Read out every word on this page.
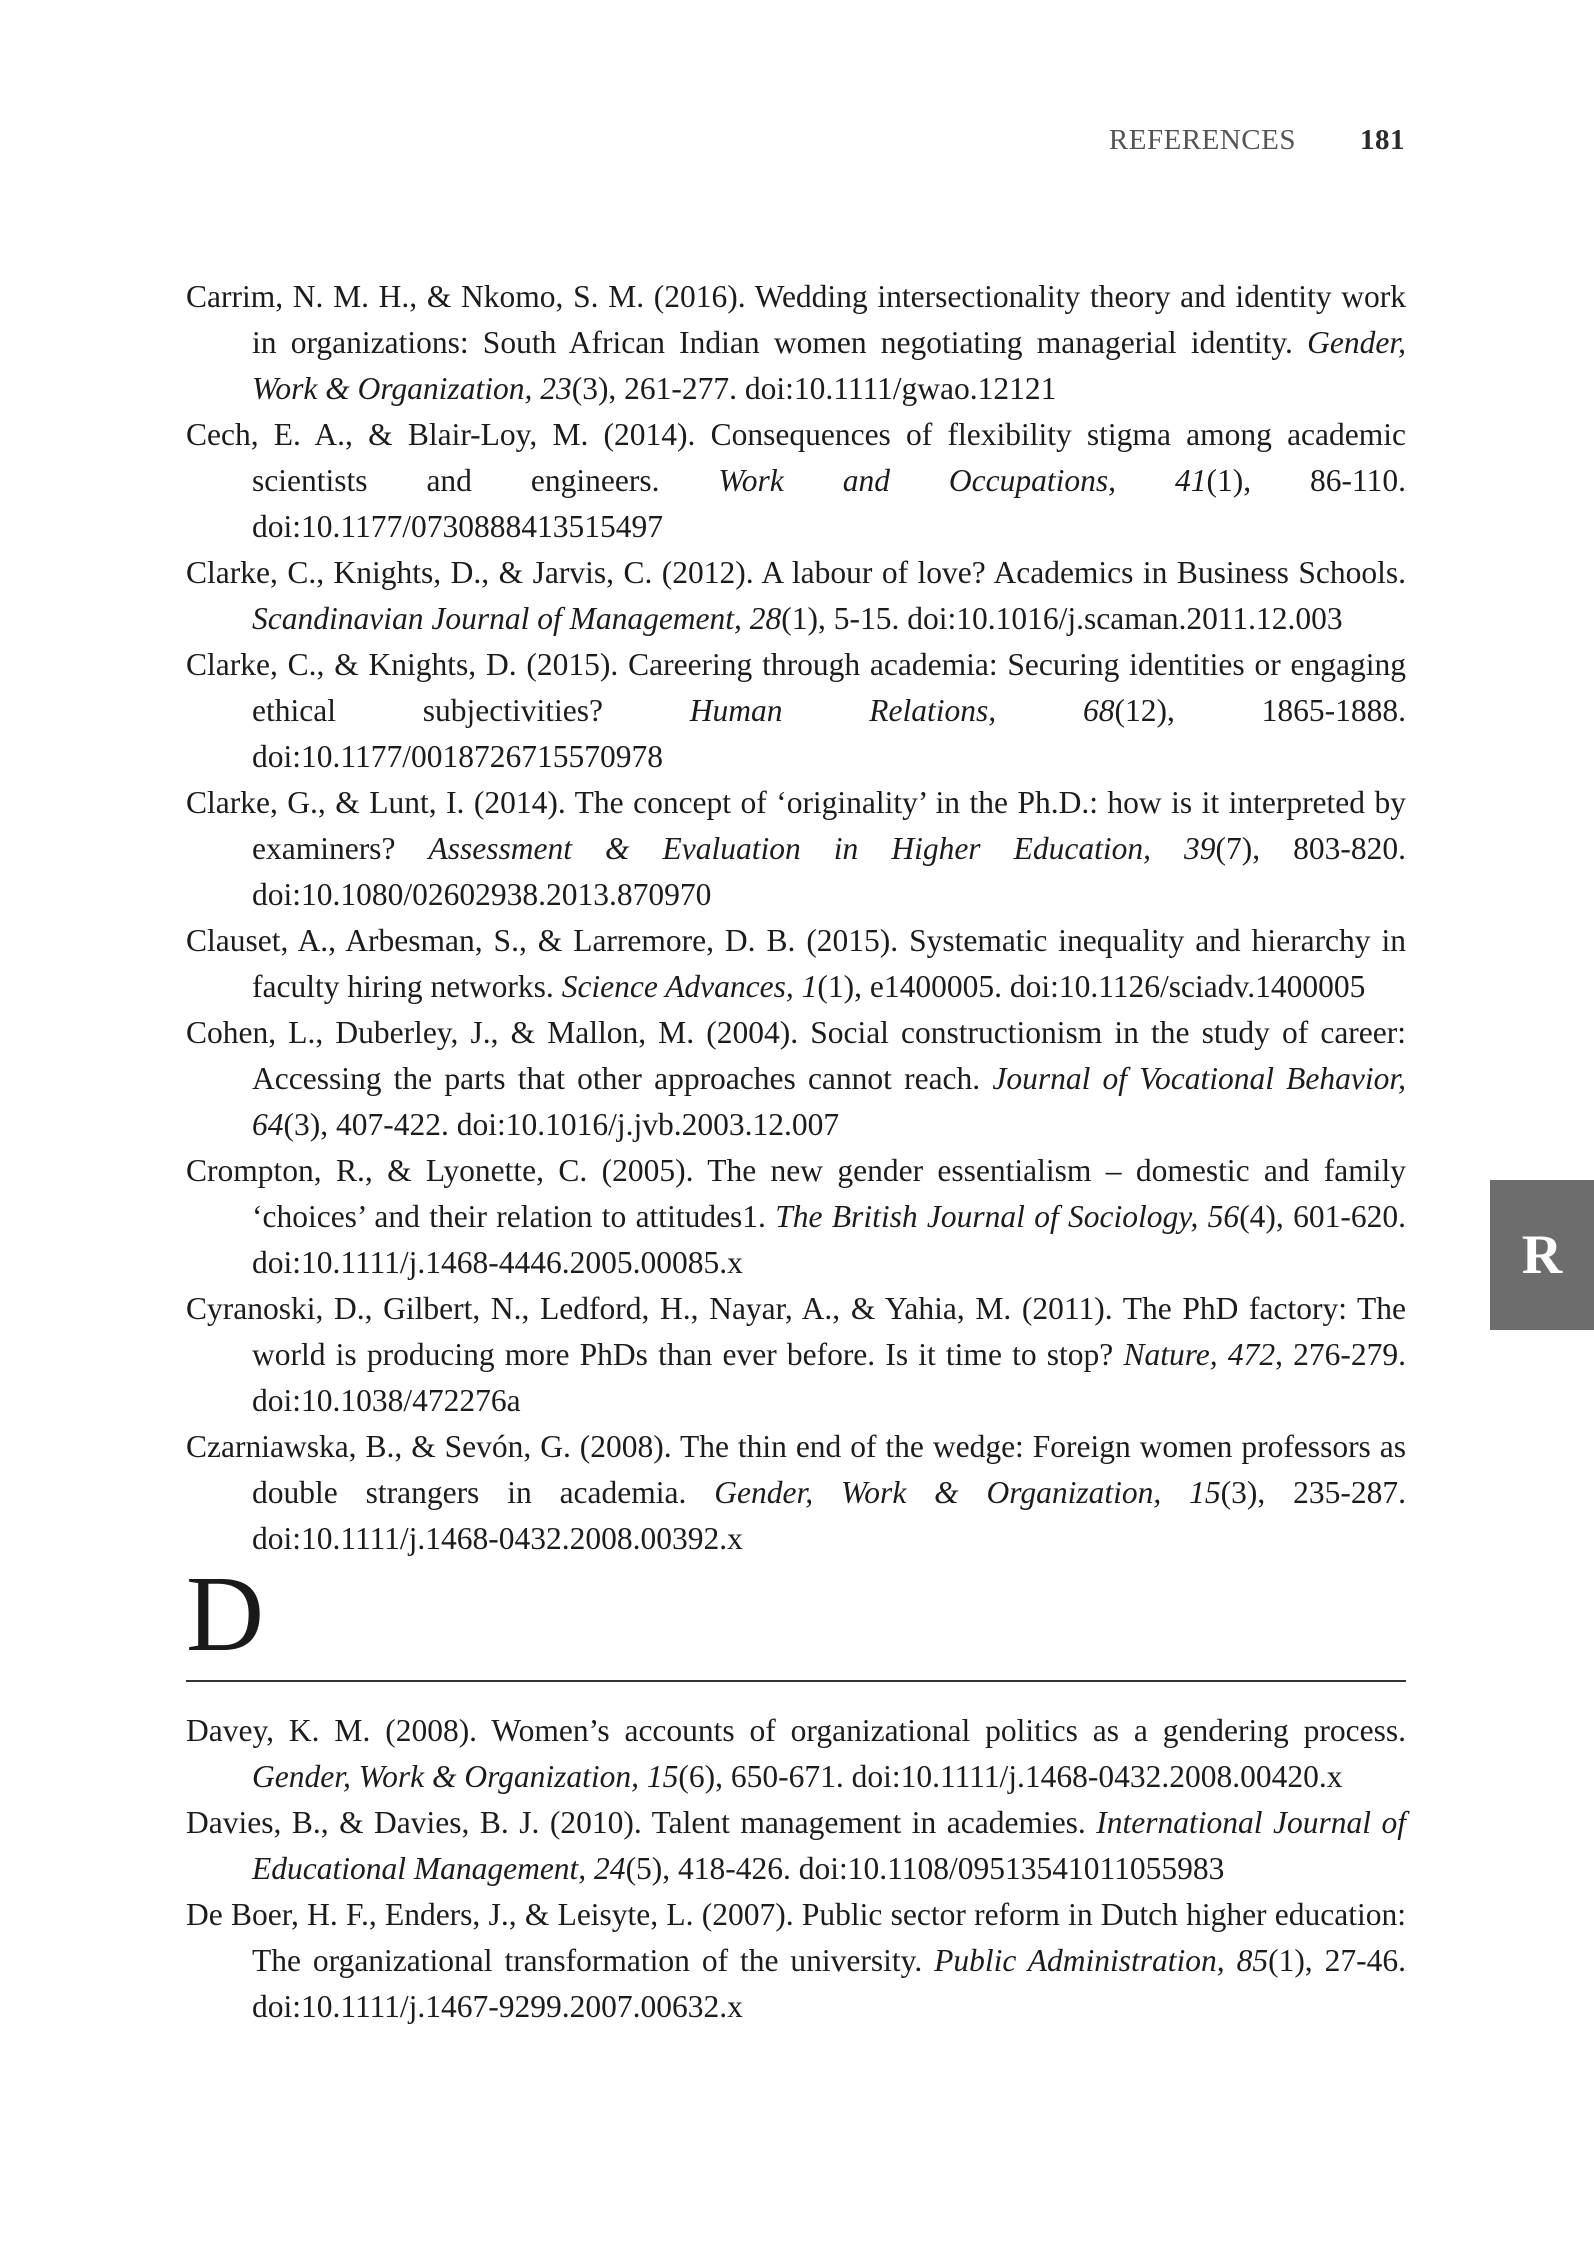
REFERENCES 181

Carrim, N. M. H., & Nkomo, S. M. (2016). Wedding intersectionality theory and identity work in organizations: South African Indian women negotiating managerial identity. Gender, Work & Organization, 23(3), 261-277. doi:10.1111/gwao.12121

Cech, E. A., & Blair-Loy, M. (2014). Consequences of flexibility stigma among academic scientists and engineers. Work and Occupations, 41(1), 86-110. doi:10.1177/0730888413515497

Clarke, C., Knights, D., & Jarvis, C. (2012). A labour of love? Academics in Business Schools. Scandinavian Journal of Management, 28(1), 5-15. doi:10.1016/j.scaman.2011.12.003

Clarke, C., & Knights, D. (2015). Careering through academia: Securing identities or engaging ethical subjectivities? Human Relations, 68(12), 1865-1888. doi:10.1177/0018726715570978

Clarke, G., & Lunt, I. (2014). The concept of ‘originality’ in the Ph.D.: how is it interpreted by examiners? Assessment & Evaluation in Higher Education, 39(7), 803-820. doi:10.1080/02602938.2013.870970

Clauset, A., Arbesman, S., & Larremore, D. B. (2015). Systematic inequality and hierarchy in faculty hiring networks. Science Advances, 1(1), e1400005. doi:10.1126/sciadv.1400005

Cohen, L., Duberley, J., & Mallon, M. (2004). Social constructionism in the study of career: Accessing the parts that other approaches cannot reach. Journal of Vocational Behavior, 64(3), 407-422. doi:10.1016/j.jvb.2003.12.007

Crompton, R., & Lyonette, C. (2005). The new gender essentialism – domestic and family ‘choices’ and their relation to attitudes1. The British Journal of Sociology, 56(4), 601-620. doi:10.1111/j.1468-4446.2005.00085.x

Cyranoski, D., Gilbert, N., Ledford, H., Nayar, A., & Yahia, M. (2011). The PhD factory: The world is producing more PhDs than ever before. Is it time to stop? Nature, 472, 276-279. doi:10.1038/472276a

Czarniawska, B., & Sevón, G. (2008). The thin end of the wedge: Foreign women professors as double strangers in academia. Gender, Work & Organization, 15(3), 235-287. doi:10.1111/j.1468-0432.2008.00392.x

D

Davey, K. M. (2008). Women’s accounts of organizational politics as a gendering process. Gender, Work & Organization, 15(6), 650-671. doi:10.1111/j.1468-0432.2008.00420.x

Davies, B., & Davies, B. J. (2010). Talent management in academies. International Journal of Educational Management, 24(5), 418-426. doi:10.1108/09513541011055983

De Boer, H. F., Enders, J., & Leisyte, L. (2007). Public sector reform in Dutch higher education: The organizational transformation of the university. Public Administration, 85(1), 27-46. doi:10.1111/j.1467-9299.2007.00632.x

R
